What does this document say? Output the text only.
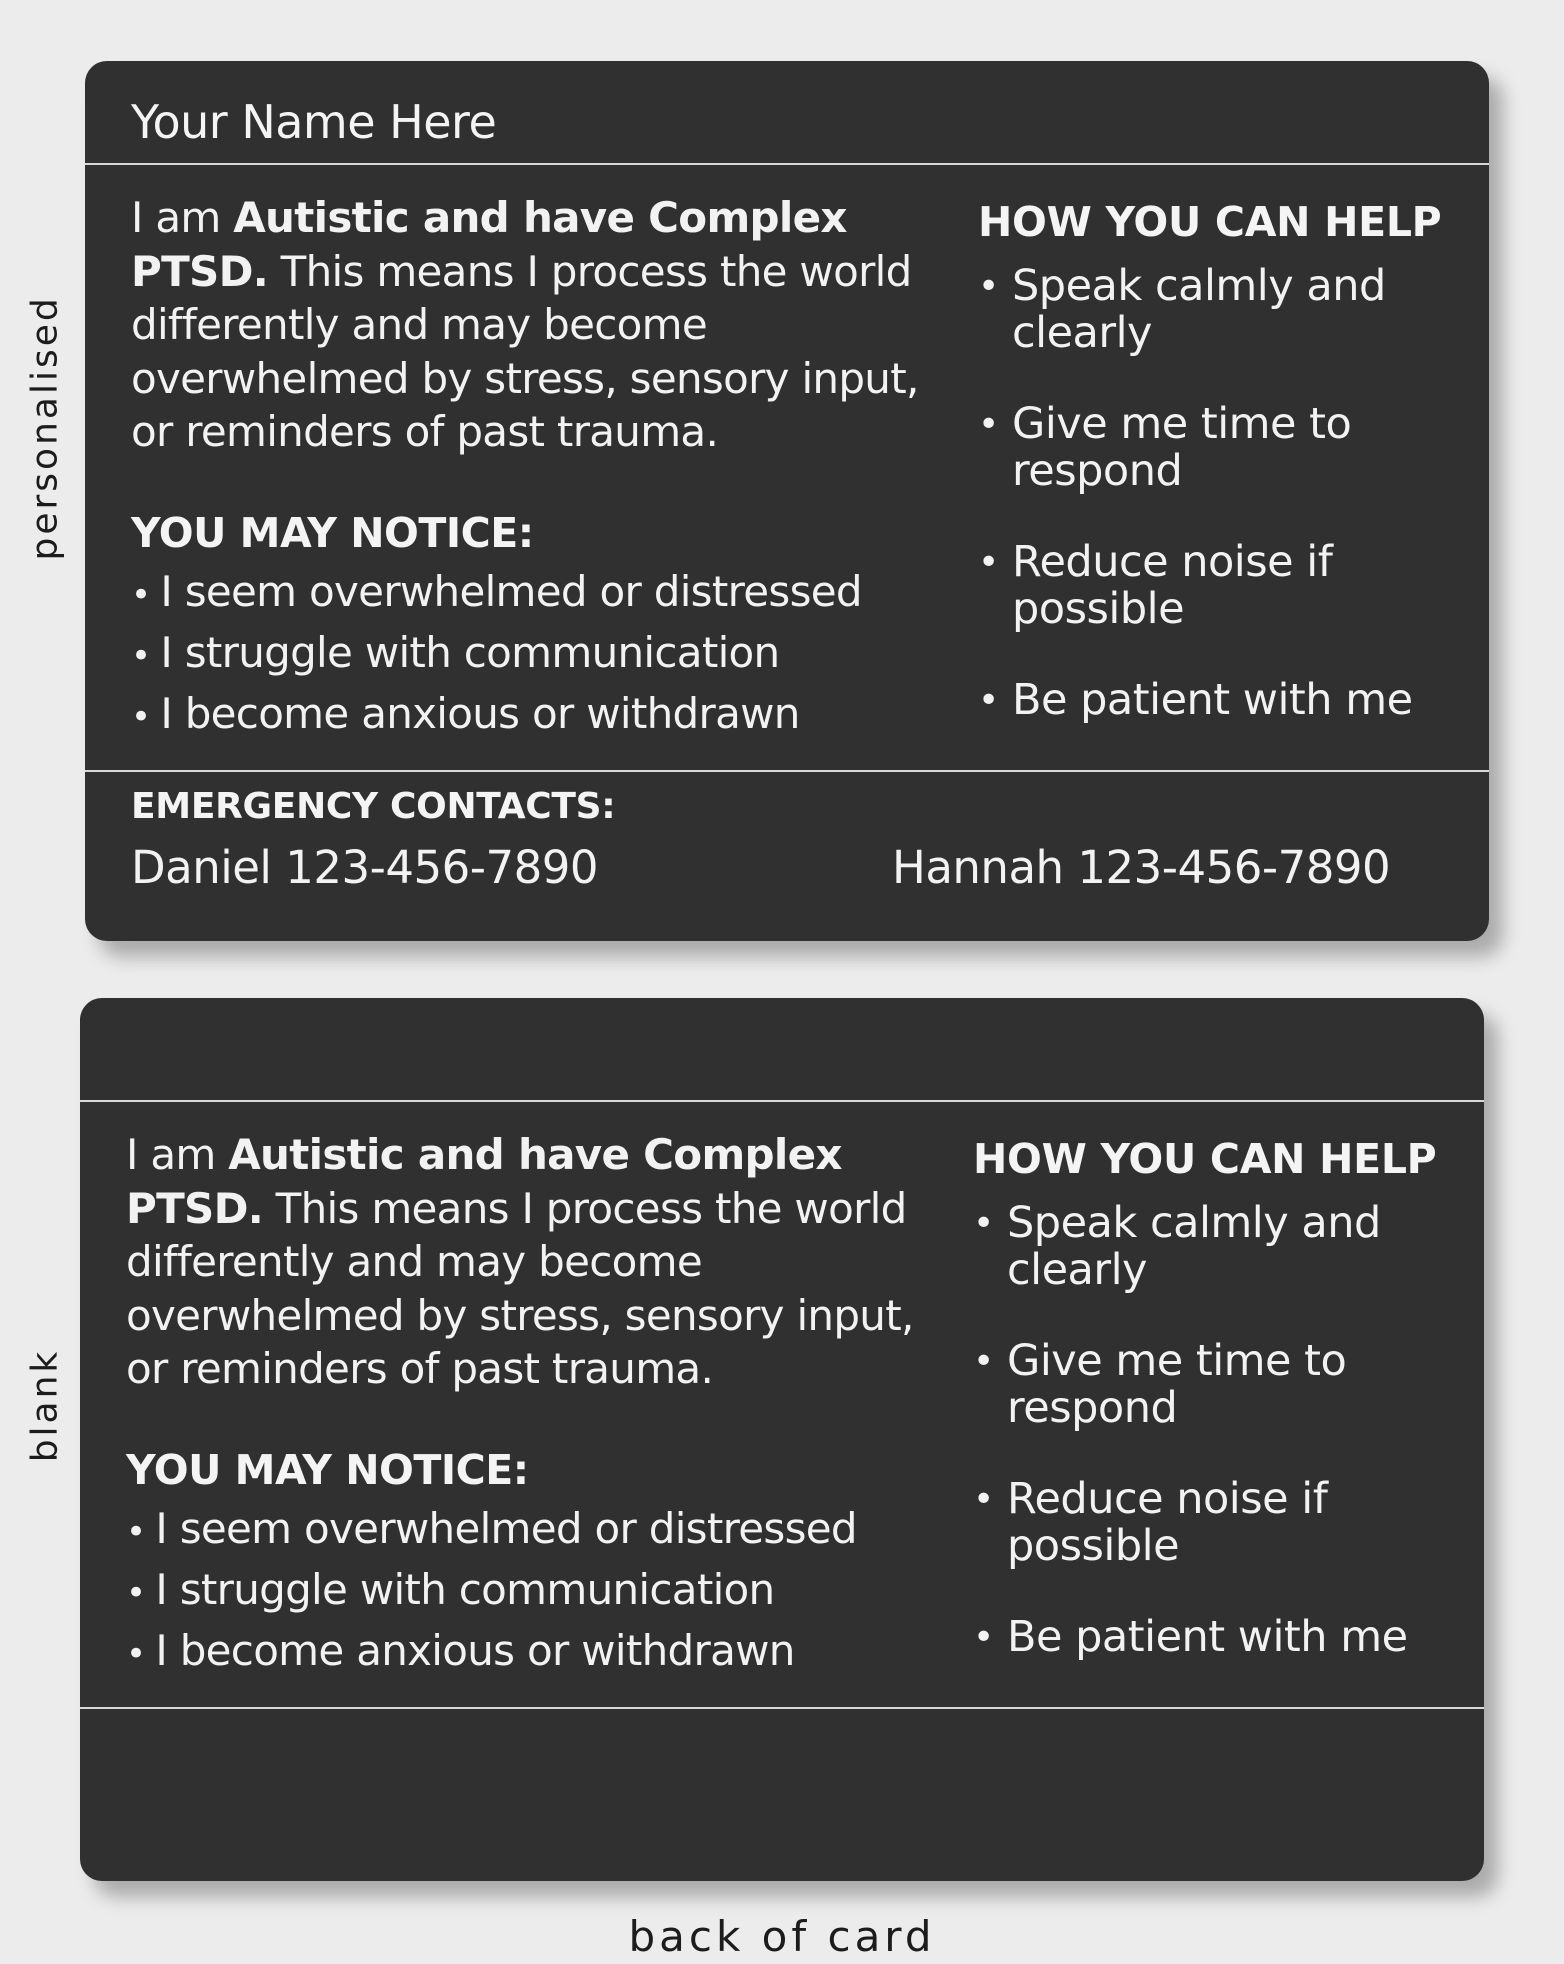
personalised
blank
Your Name Here
I am Autistic and have Complex PTSD. This means I process the world differently and may become overwhelmed by stress, sensory input, or reminders of past trauma.
YOU MAY NOTICE:
• I seem overwhelmed or distressed
• I struggle with communication
• I become anxious or withdrawn
HOW YOU CAN HELP
• Speak calmly and clearly
• Give me time to respond
• Reduce noise if possible
• Be patient with me
EMERGENCY CONTACTS:
Daniel 123-456-7890	Hannah 123-456-7890
I am Autistic and have Complex PTSD. This means I process the world differently and may become overwhelmed by stress, sensory input, or reminders of past trauma.
YOU MAY NOTICE:
• I seem overwhelmed or distressed
• I struggle with communication
• I become anxious or withdrawn
HOW YOU CAN HELP
• Speak calmly and clearly
• Give me time to respond
• Reduce noise if possible
• Be patient with me
back of card
